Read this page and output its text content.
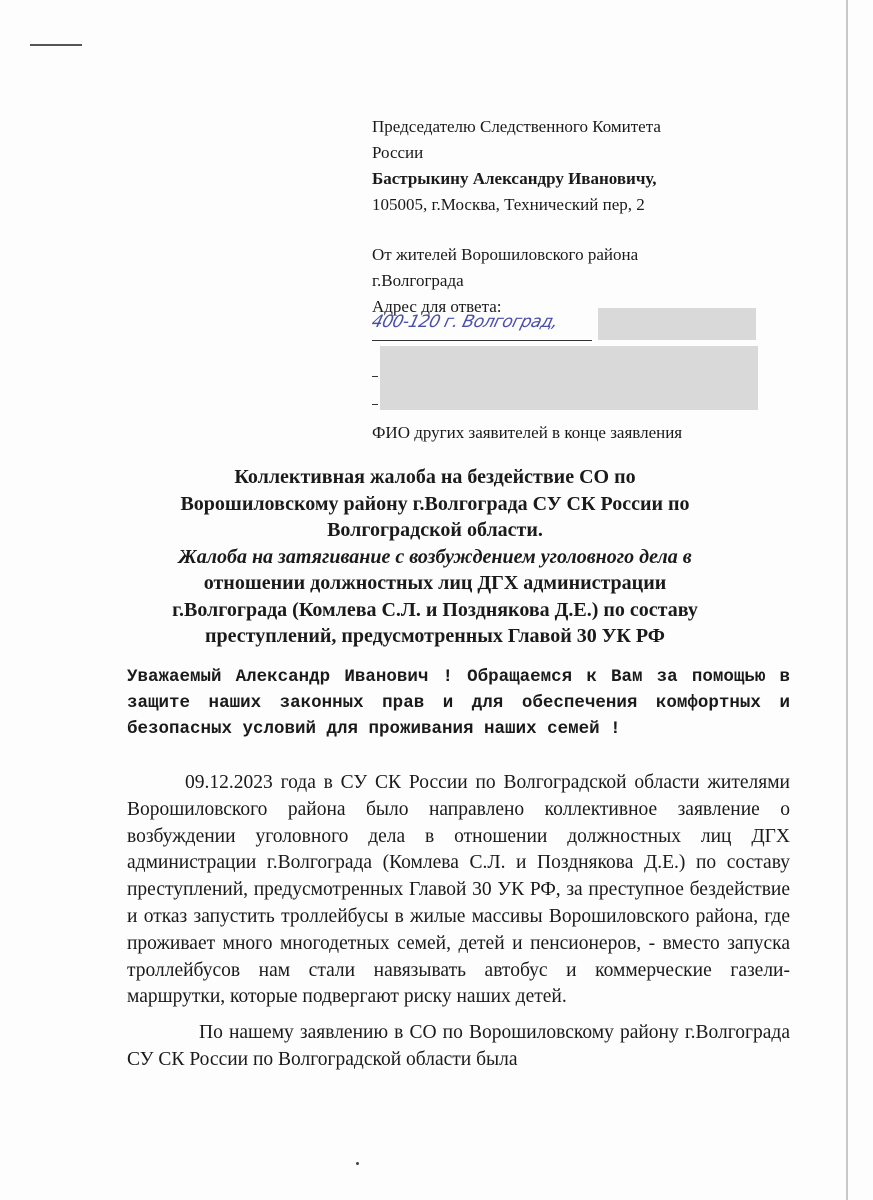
Председателю Следственного Комитета
России
Бастрыкину Александру Ивановичу,
105005, г.Москва, Технический пер, 2
От жителей Ворошиловского района
г.Волгограда
Адрес для ответа:
400-120 г. Волгоград,
ФИО других заявителей в конце заявления
Коллективная жалоба на бездействие СО по
Ворошиловскому району г.Волгограда СУ СК России по
Волгоградской области.
Жалоба на затягивание с возбуждением уголовного дела в
отношении должностных лиц ДГХ администрации
г.Волгограда (Комлева С.Л. и Позднякова Д.Е.) по составу
преступлений, предусмотренных Главой 30 УК РФ
Уважаемый Александр Иванович ! Обращаемся к Вам за помощью в защите наших законных прав и для обеспечения комфортных и безопасных условий для проживания наших семей !

09.12.2023 года в СУ СК России по Волгоградской области жителями Ворошиловского района было направлено коллективное заявление о возбуждении уголовного дела в отношении должностных лиц ДГХ администрации г.Волгограда (Комлева С.Л. и Позднякова Д.Е.) по составу преступлений, предусмотренных Главой 30 УК РФ, за преступное бездействие и отказ запустить троллейбусы в жилые массивы Ворошиловского района, где проживает много многодетных семей, детей и пенсионеров, - вместо запуска троллейбусов нам стали навязывать автобус и коммерческие газели-маршрутки, которые подвергают риску наших детей.

По нашему заявлению в СО по Ворошиловскому району г.Волгограда СУ СК России по Волгоградской области была
